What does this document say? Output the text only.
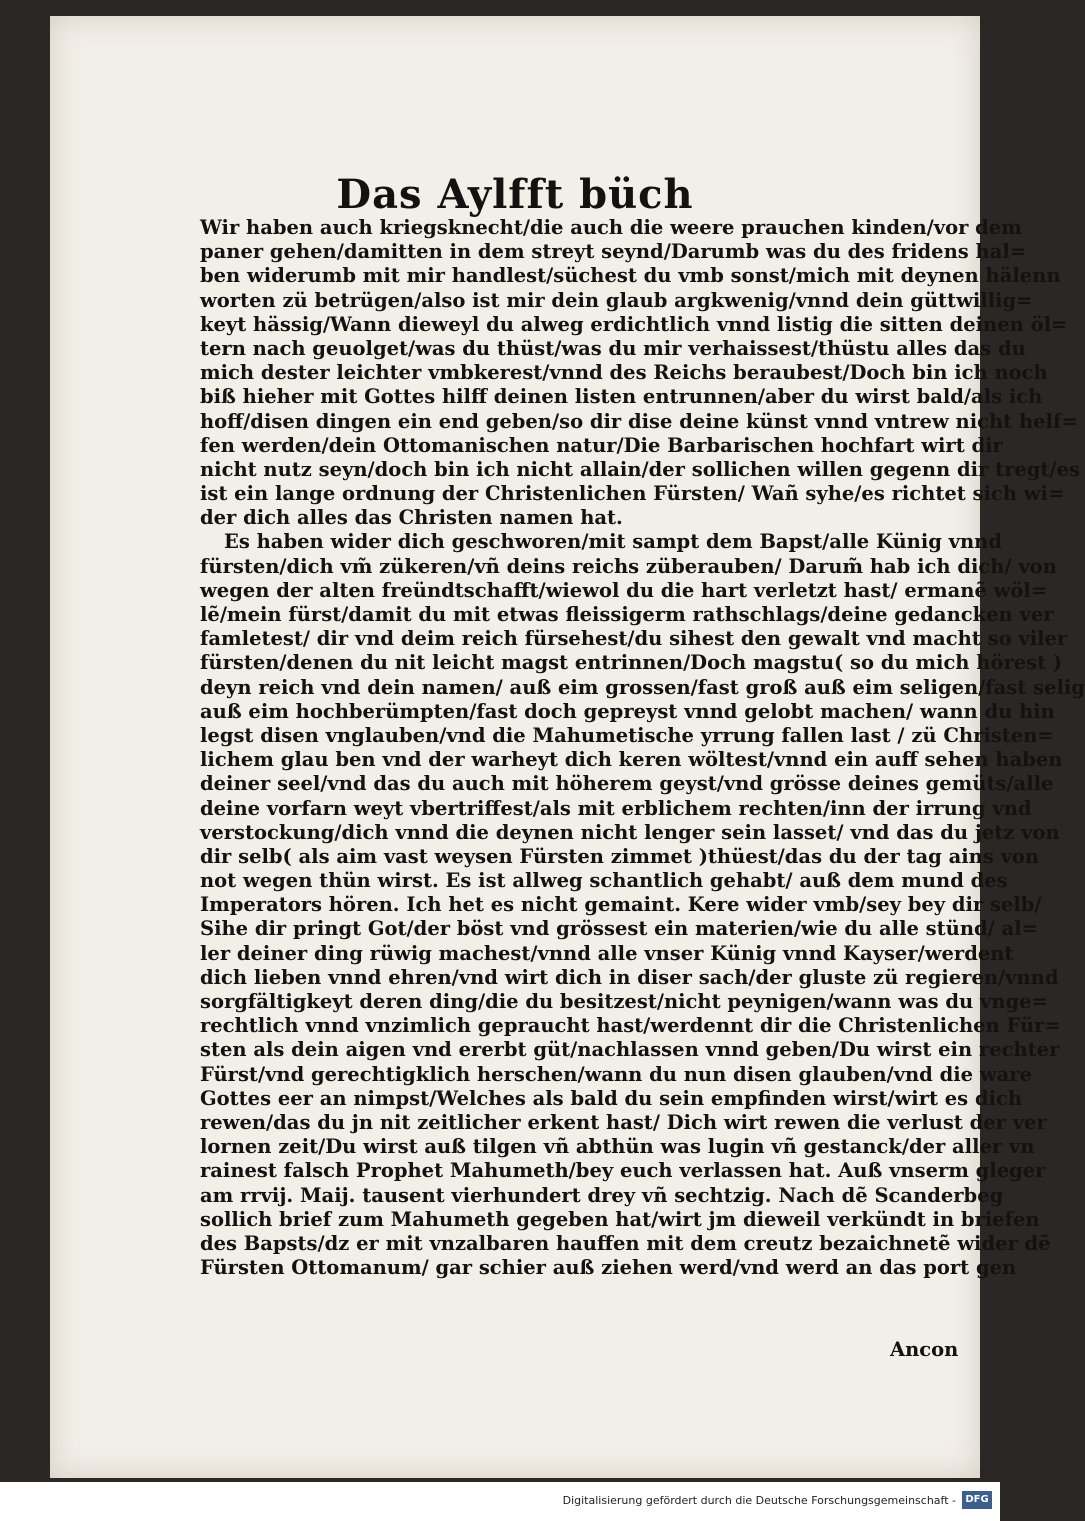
Das Aylfft büch
Wir haben auch kriegsknecht/die auch die weere prauchen kinden/vor dem
paner gehen/damitten in dem streyt seynd/Darumb was du des fridens hal=
ben widerumb mit mir handlest/süchest du vmb sonst/mich mit deynen hälenn
worten zü betrügen/also ist mir dein glaub argkwenig/vnnd dein güttwillig=
keyt hässig/Wann dieweyl du alweg erdichtlich vnnd listig die sitten deinen öl=
tern nach geuolget/was du thüst/was du mir verhaissest/thüstu alles das du
mich dester leichter vmbkerest/vnnd des Reichs beraubest/Doch bin ich noch
biß hieher mit Gottes hilff deinen listen entrunnen/aber du wirst bald/als ich
hoff/disen dingen ein end geben/so dir dise deine künst vnnd vntrew nicht helf=
fen werden/dein Ottomanischen natur/Die Barbarischen hochfart wirt dir
nicht nutz seyn/doch bin ich nicht allain/der sollichen willen gegenn dir tregt/es
ist ein lange ordnung der Christenlichen Fürsten/ Wañ syhe/es richtet sich wi=
der dich alles das Christen namen hat.
Es haben wider dich geschworen/mit sampt dem Bapst/alle Künig vnnd
fürsten/dich vm̃ zükeren/vñ deins reichs züberauben/ Darum̃ hab ich dich/ von
wegen der alten freündtschafft/wiewol du die hart verletzt hast/ ermanẽ wöl=
lẽ/mein fürst/damit du mit etwas fleissigerm rathschlags/deine gedancken ver
famletest/ dir vnd deim reich fürsehest/du sihest den gewalt vnd macht so viler
fürsten/denen du nit leicht magst entrinnen/Doch magstu( so du mich hörest )
deyn reich vnd dein namen/ auß eim grossen/fast groß auß eim seligen/fast selig
auß eim hochberümpten/fast doch gepreyst vnnd gelobt machen/ wann du hin
legst disen vnglauben/vnd die Mahumetische yrrung fallen last / zü Christen=
lichem glau ben vnd der warheyt dich keren wöltest/vnnd ein auff sehen haben
deiner seel/vnd das du auch mit höherem geyst/vnd grösse deines gemüts/alle
deine vorfarn weyt vbertriffest/als mit erblichem rechten/inn der irrung vnd
verstockung/dich vnnd die deynen nicht lenger sein lasset/ vnd das du jetz von
dir selb( als aim vast weysen Fürsten zimmet )thüest/das du der tag ains von
not wegen thün wirst. Es ist allweg schantlich gehabt/ auß dem mund des
Imperators hören. Ich het es nicht gemaint. Kere wider vmb/sey bey dir selb/
Sihe dir pringt Got/der böst vnd grössest ein materien/wie du alle stünd/ al=
ler deiner ding rüwig machest/vnnd alle vnser Künig vnnd Kayser/werdent
dich lieben vnnd ehren/vnd wirt dich in diser sach/der gluste zü regieren/vnnd
sorgfältigkeyt deren ding/die du besitzest/nicht peynigen/wann was du vnge=
rechtlich vnnd vnzimlich gepraucht hast/werdennt dir die Christenlichen Für=
sten als dein aigen vnd ererbt güt/nachlassen vnnd geben/Du wirst ein rechter
Fürst/vnd gerechtigklich herschen/wann du nun disen glauben/vnd die ware
Gottes eer an nimpst/Welches als bald du sein empfinden wirst/wirt es dich
rewen/das du jn nit zeitlicher erkent hast/ Dich wirt rewen die verlust der ver
lornen zeit/Du wirst auß tilgen vñ abthün was lugin vñ gestanck/der aller vn
rainest falsch Prophet Mahumeth/bey euch verlassen hat. Auß vnserm gleger
am rrvij. Maij. tausent vierhundert drey vñ sechtzig. Nach dẽ Scanderbeg
sollich brief zum Mahumeth gegeben hat/wirt jm dieweil verkündt in briefen
des Bapsts/dz er mit vnzalbaren hauffen mit dem creutz bezaichnetẽ wider dẽ
Fürsten Ottomanum/ gar schier auß ziehen werd/vnd werd an das port gen
Ancon
Digitalisierung gefördert durch die Deutsche Forschungsgemeinschaft - DFG
